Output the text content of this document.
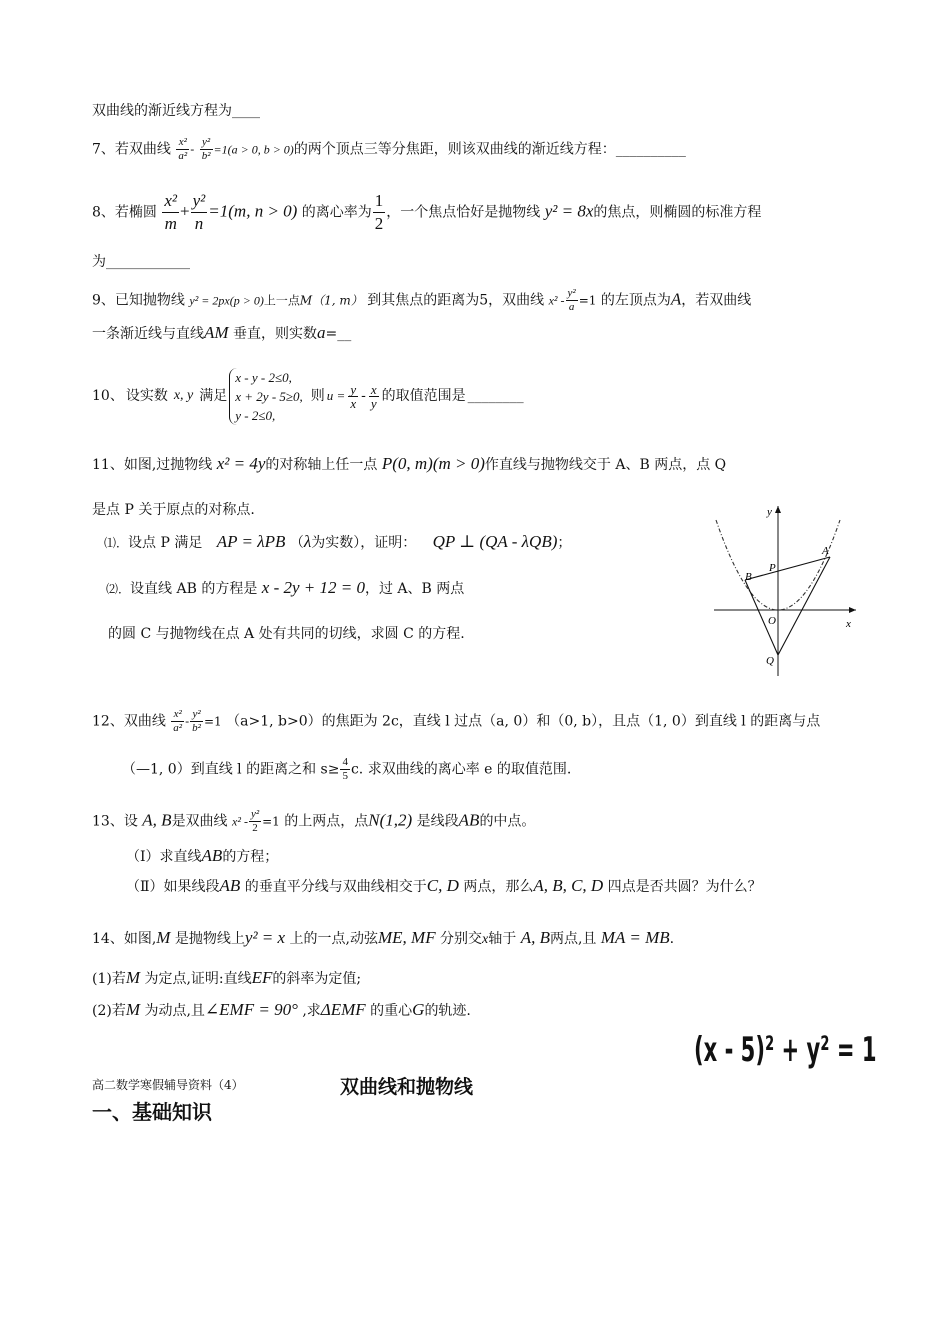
双曲线的渐近线方程为____
7、若双曲线 $\frac{\text{x²}}{\text{a²}} - \frac{\text{y²}}{\text{b²}} =1(a > 0$, b > 0)的两个顶点三等分焦距，则该双曲线的渐近线方程：__________
8、若椭圆 $\frac{\text{x²}}{m} + \frac{\text{y²}}{n} =1(m$, n > 0) 的离心率为 $\frac{1}{2}$ ，一个焦点恰好是抛物线 y² = 8x的焦点，则椭圆的标准方程
为____________
9、已知抛物线 y² = 2px(p > 0)上一点M（1, m） 到其焦点的距离为5，双曲线 $x^2 - \frac{\text{y²}}{a} =1$ 的左顶点为A，若双曲线
一条渐近线与直线AM 垂直，则实数a=__
10、 设实数 x, y 满足
x - y - 2≤0,
x + 2y - 5≥0,
y - 2≤0,
则 $u = \frac{y}{x} - \frac{x}{y}$ 的取值范围是 ________
11、如图,过抛物线 x² = 4y的对称轴上任一点 P(0, m)(m > 0)作直线与抛物线交于 A、B 两点，点 Q
是点 P 关于原点的对称点.
⑴．设点 P 满足 AP = λPB （λ为实数），证明： QP ⊥ (QA - λQB)；
⑵．设直线 AB 的方程是 x - 2y + 12 = 0，过 A、B 两点
的圆 C 与抛物线在点 A 处有共同的切线，求圆 C 的方程.
y
x
A
B
P
O
Q
12、双曲线 $\frac{\text{x²}}{\text{a²}} - \frac{\text{y²}}{\text{b²}} =1$ （a>1, b>0）的焦距为 2c，直线 l 过点（a, 0）和（0, b），且点（1, 0）到直线 l 的距离与点
（—1, 0）到直线 l 的距离之和 $s\ge \frac{4}{5} c$. 求双曲线的离心率 e 的取值范围.
13、设 A, B是双曲线 $x^2 - \frac{\text{y²}}{2} =1$ 的上两点，点N(1,2) 是线段AB的中点。
（Ⅰ）求直线AB的方程；
（Ⅱ）如果线段AB 的垂直平分线与双曲线相交于C, D 两点，那么A, B, C, D 四点是否共圆？为什么？
14、如图,M 是抛物线上y² = x 上的一点,动弦ME, MF 分别交x轴于 A, B两点,且 MA = MB.
(1)若M 为定点,证明:直线EF的斜率为定值;
(2)若M 为动点,且∠EMF = 90° ,求ΔEMF 的重心G的轨迹.
(x - 5)² + y² = 1
高二数学寒假辅导资料（4）	双曲线和抛物线
一、基础知识
